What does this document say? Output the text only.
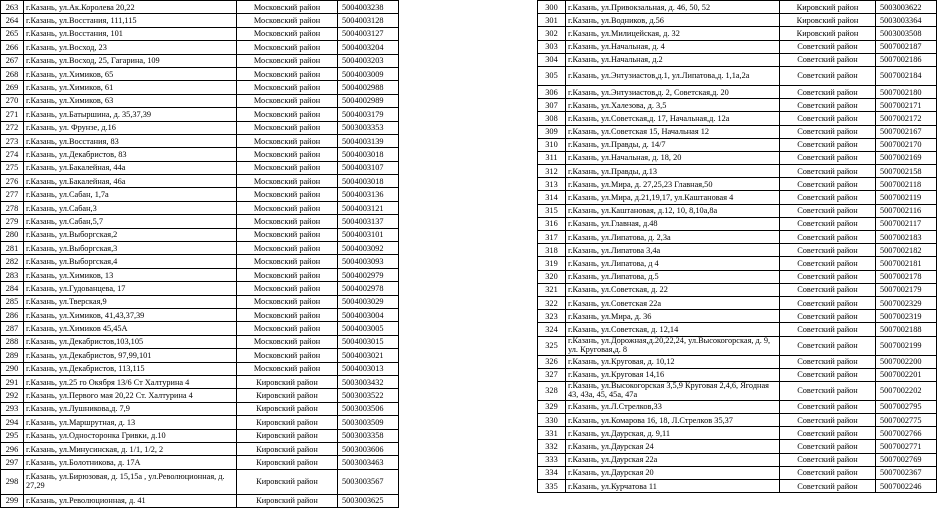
263	г.Казань, ул.Ак.Королева 20,22	Московский район	5004003238
264	г.Казань, ул.Восстания, 111,115	Московский район	5004003128
265	г.Казань, ул.Восстания, 101	Московский район	5004003127
266	г.Казань, ул.Восход, 23	Московский район	5004003204
267	г.Казань, ул.Восход, 25, Гагарина, 109	Московский район	5004003203
268	г.Казань, ул.Химиков, 65	Московский район	5004003009
269	г.Казань, ул.Химиков, 61	Московский район	5004002988
270	г.Казань, ул.Химиков, 63	Московский район	5004002989
271	г.Казань, ул.Батыршина, д. 35,37,39	Московский район	5004003179
272	г.Казань, ул. Фрунзе, д.16	Московский район	5003003353
273	г.Казань, ул.Восстания, 83	Московский район	5004003139
274	г.Казань, ул.Декабристов, 83	Московский район	5004003018
275	г.Казань, ул.Бакалейная, 44а	Московский район	5004003107
276	г.Казань, ул.Бакалейная, 46а	Московский район	5004003018
277	г.Казань, ул.Сабан, 1,7а	Московский район	5004003136
278	г.Казань, ул.Сабан,3	Московский район	5004003121
279	г.Казань, ул.Сабан,5,7	Московский район	5004003137
280	г.Казань, ул.Выборгская,2	Московский район	5004003101
281	г.Казань, ул.Выборгская,3	Московский район	5004003092
282	г.Казань, ул.Выборгская,4	Московский район	5004003093
283	г.Казань, ул.Химиков, 13	Московский район	5004002979
284	г.Казань, ул.Гудованцева, 17	Московский район	5004002978
285	г.Казань, ул.Тверская,9	Московский район	5004003029
286	г.Казань, ул.Химиков, 41,43,37,39	Московский район	5004003004
287	г.Казань, ул.Химиков 45,45А	Московский район	5004003005
288	г.Казань, ул.Декабристов,103,105	Московский район	5004003015
289	г.Казань, ул.Декабристов, 97,99,101	Московский район	5004003021
290	г.Казань, ул.Декабристов, 113,115	Московский район	5004003013
291	г.Казань, ул.25 го Окября 13/6 Ст Халтурина 4	Кировский район	5003003432
292	г.Казань, ул.Первого мая 20,22 Ст. Халтурина 4	Кировский район	5003003522
293	г.Казань, ул.Лушникова,д. 7,9	Кировский район	5003003506
294	г.Казань, ул.Маршрутная, д. 13	Кировский район	5003003509
295	г.Казань, ул.Односторонка Гривки, д.10	Кировский район	5003003358
296	г.Казань, ул.Минусинская, д. 1/1, 1/2, 2	Кировский район	5003003606
297	г.Казань, ул.Болотникова, д. 17А	Кировский район	5003003463
298	г.Казань, ул.Бирюзовая, д. 15,15а , ул.Революционная, д. 27,29	Кировский район	5003003567
299	г.Казань, ул.Революционная, д. 41	Кировский район	5003003625
300	г.Казань, ул.Привокзальная, д. 46, 50, 52	Кировский район	5003003622
301	г.Казань, ул.Водников, д.56	Кировский район	5003003364
302	г.Казань, ул.Милицейская, д. 32	Кировский район	5003003508
303	г.Казань, ул.Начальная, д. 4	Советский район	5007002187
304	г.Казань, ул.Начальная, д.2	Советский район	5007002186
305	г.Казань, ул.Энтузиастов,д.1, ул.Липатова,д. 1,1а,2а	Советский район	5007002184
306	г.Казань, ул.Энтузиастов,д. 2, Советская,д. 20	Советский район	5007002180
307	г.Казань, ул.Халезова, д. 3,5	Советский район	5007002171
308	г.Казань, ул.Советская,д. 17, Начальная,д. 12а	Советский район	5007002172
309	г.Казань, ул.Советская 15, Начальная 12	Советский район	5007002167
310	г.Казань, ул.Правды, д. 14/7	Советский район	5007002170
311	г.Казань, ул.Начальная, д. 18, 20	Советский район	5007002169
312	г.Казань, ул.Правды, д.13	Советский район	5007002158
313	г.Казань, ул.Мира, д. 27,25,23 Главная,50	Советский район	5007002118
314	г.Казань, ул.Мира, д.21,19,17, ул.Каштановая 4	Советский район	5007002119
315	г.Казань, ул.Каштановая, д.12, 10, 8,10а,8а	Советский район	5007002116
316	г.Казань, ул.Главная, д.48	Советский район	5007002117
317	г.Казань, ул.Липатова, д. 2,3а	Советский район	5007002183
318	г.Казань, ул.Липатова 3,4а	Советский район	5007002182
319	г.Казань, ул.Липатова, д 4	Советский район	5007002181
320	г.Казань, ул.Липатова, д.5	Советский район	5007002178
321	г.Казань, ул.Советская, д. 22	Советский район	5007002179
322	г.Казань, ул.Советская 22а	Советский район	5007002329
323	г.Казань, ул.Мира, д. 36	Советский район	5007002319
324	г.Казань, ул.Советская, д. 12,14	Советский район	5007002188
325	г.Казань, ул.Дорожная,д.20,22,24, ул.Высокогорская, д. 9, ул. Круговая,д. 8	Советский район	5007002199
326	г.Казань, ул.Круговая, д. 10,12	Советский район	5007002200
327	г.Казань, ул.Круговая 14,16	Советский район	5007002201
328	г.Казань, ул.Высокогорская 3,5,9 Круговая 2,4,6, Ягодная 43, 43а, 45, 45а, 47а	Советский район	5007002202
329	г.Казань, ул.Л.Стрелков,33	Советский район	5007002795
330	г.Казань, ул.Комарова 16, 18, Л.Стрелков 35,37	Советский район	5007002775
331	г.Казань, ул.Даурская, д. 9,11	Советский район	5007002766
332	г.Казань, ул.Даурская 24	Советский район	5007002771
333	г.Казань, ул.Даурская 22а	Советский район	5007002769
334	г.Казань, ул.Даурская 20	Советский район	5007002367
335	г.Казань, ул.Курчатова 11	Советский район	5007002246
